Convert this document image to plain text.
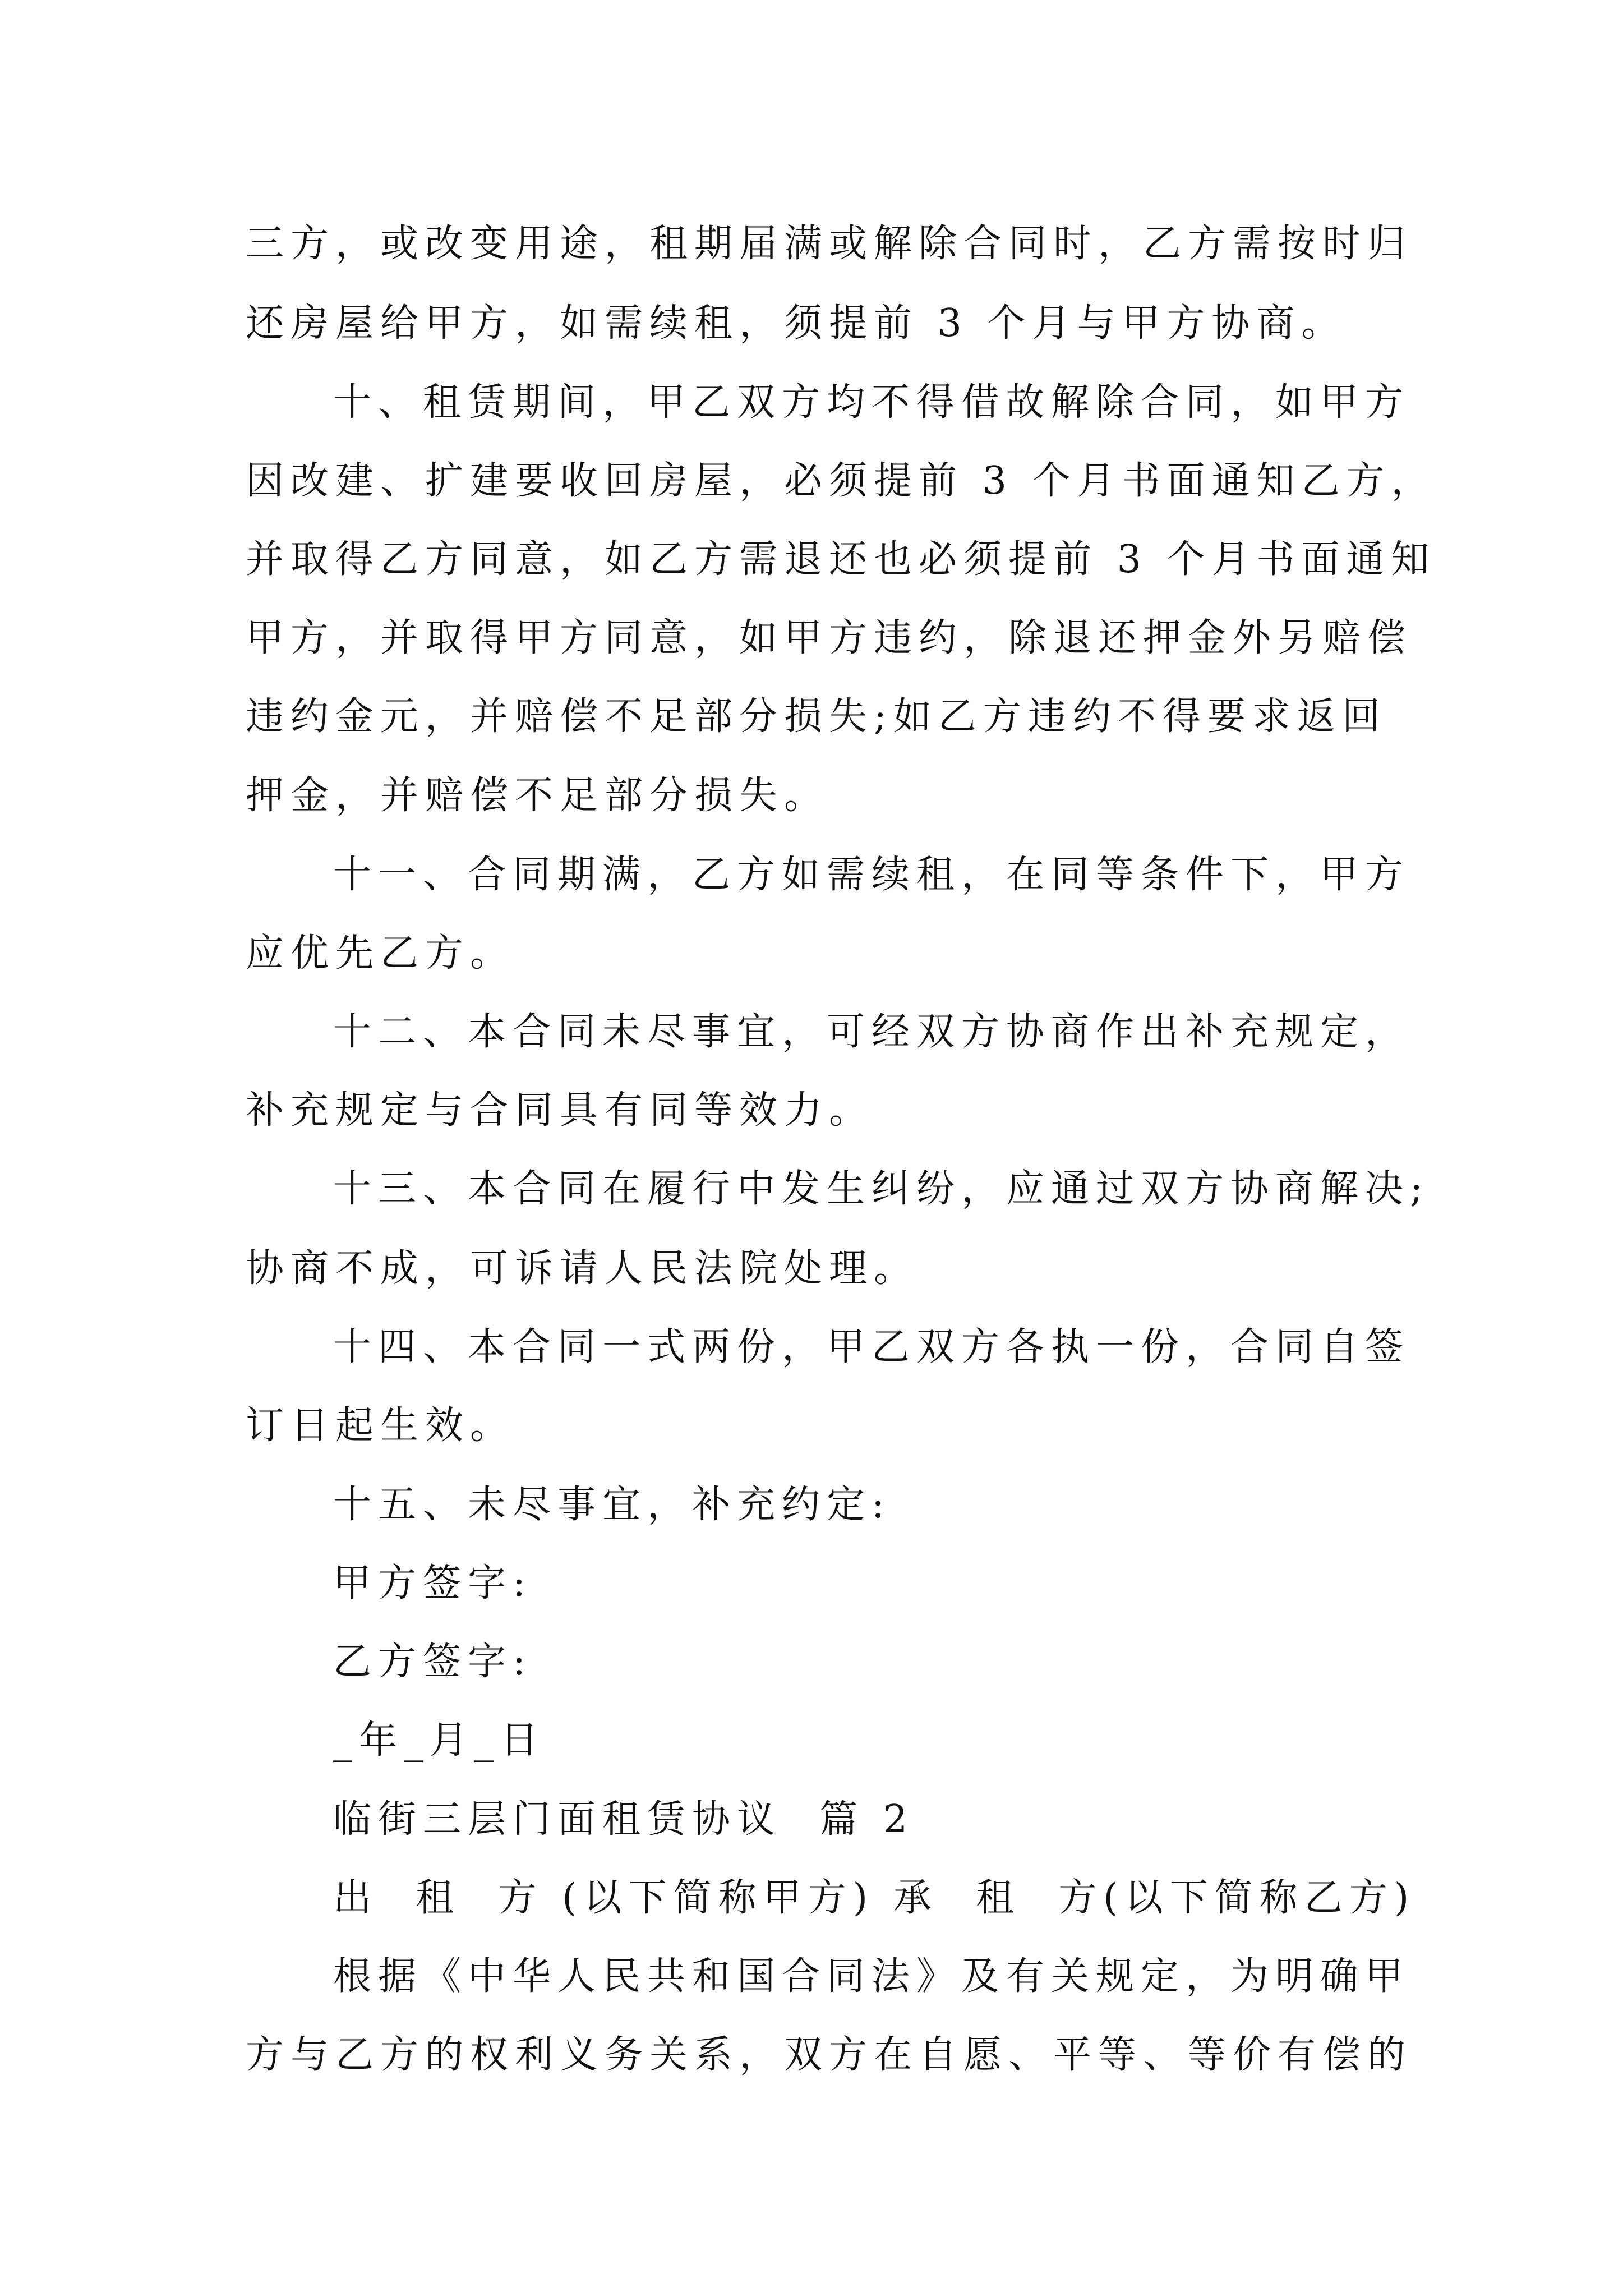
三方，或改变用途，租期届满或解除合同时，乙方需按时归
还房屋给甲方，如需续租，须提前 3 个月与甲方协商。
十、租赁期间，甲乙双方均不得借故解除合同，如甲方
因改建、扩建要收回房屋，必须提前 3 个月书面通知乙方，
并取得乙方同意，如乙方需退还也必须提前 3 个月书面通知
甲方，并取得甲方同意，如甲方违约，除退还押金外另赔偿
违约金元，并赔偿不足部分损失;如乙方违约不得要求返回
押金，并赔偿不足部分损失。
十一、合同期满，乙方如需续租，在同等条件下，甲方
应优先乙方。
十二、本合同未尽事宜，可经双方协商作出补充规定，
补充规定与合同具有同等效力。
十三、本合同在履行中发生纠纷，应通过双方协商解决;
协商不成，可诉请人民法院处理。
十四、本合同一式两份，甲乙双方各执一份，合同自签
订日起生效。
十五、未尽事宜，补充约定:
甲方签字:
乙方签字:
_年_月_日
临街三层门面租赁协议  篇 2
出  租  方 (以下简称甲方) 承  租  方(以下简称乙方)
根据《中华人民共和国合同法》及有关规定，为明确甲
方与乙方的权利义务关系，双方在自愿、平等、等价有偿的
